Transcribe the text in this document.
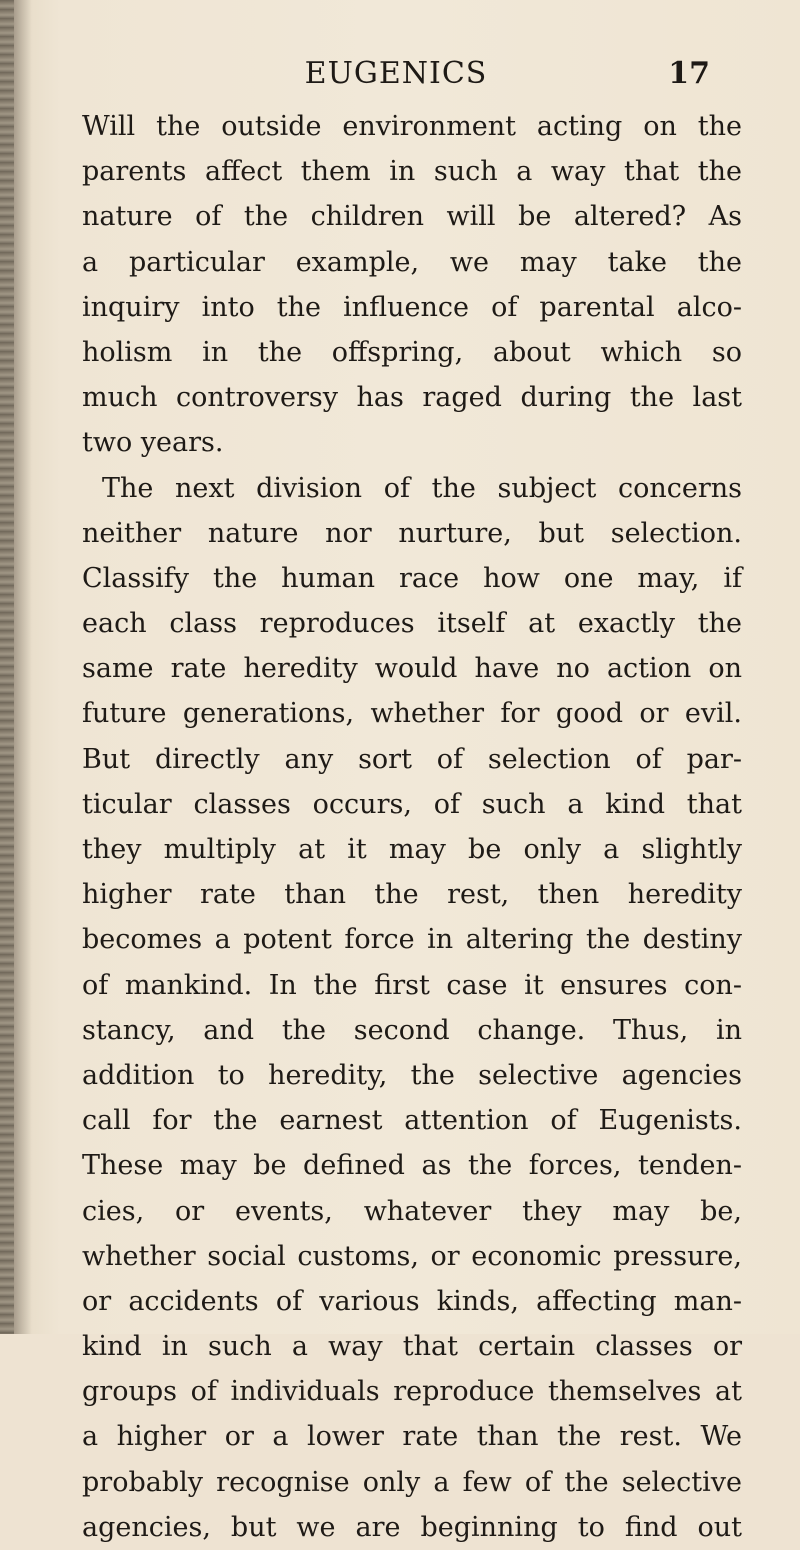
EUGENICS	17
Will the outside environment acting on the
parents affect them in such a way that the
nature of the children will be altered? As
a particular example, we may take the
inquiry into the influence of parental alco-
holism in the offspring, about which so
much controversy has raged during the last
two years.
The next division of the subject concerns
neither nature nor nurture, but selection.
Classify the human race how one may, if
each class reproduces itself at exactly the
same rate heredity would have no action on
future generations, whether for good or evil.
But directly any sort of selection of par-
ticular classes occurs, of such a kind that
they multiply at it may be only a slightly
higher rate than the rest, then heredity
becomes a potent force in altering the destiny
of mankind. In the first case it ensures con-
stancy, and the second change. Thus, in
addition to heredity, the selective agencies
call for the earnest attention of Eugenists.
These may be defined as the forces, tenden-
cies, or events, whatever they may be,
whether social customs, or economic pressure,
or accidents of various kinds, affecting man-
kind in such a way that certain classes or
groups of individuals reproduce themselves at
a higher or a lower rate than the rest. We
probably recognise only a few of the selective
agencies, but we are beginning to find out
